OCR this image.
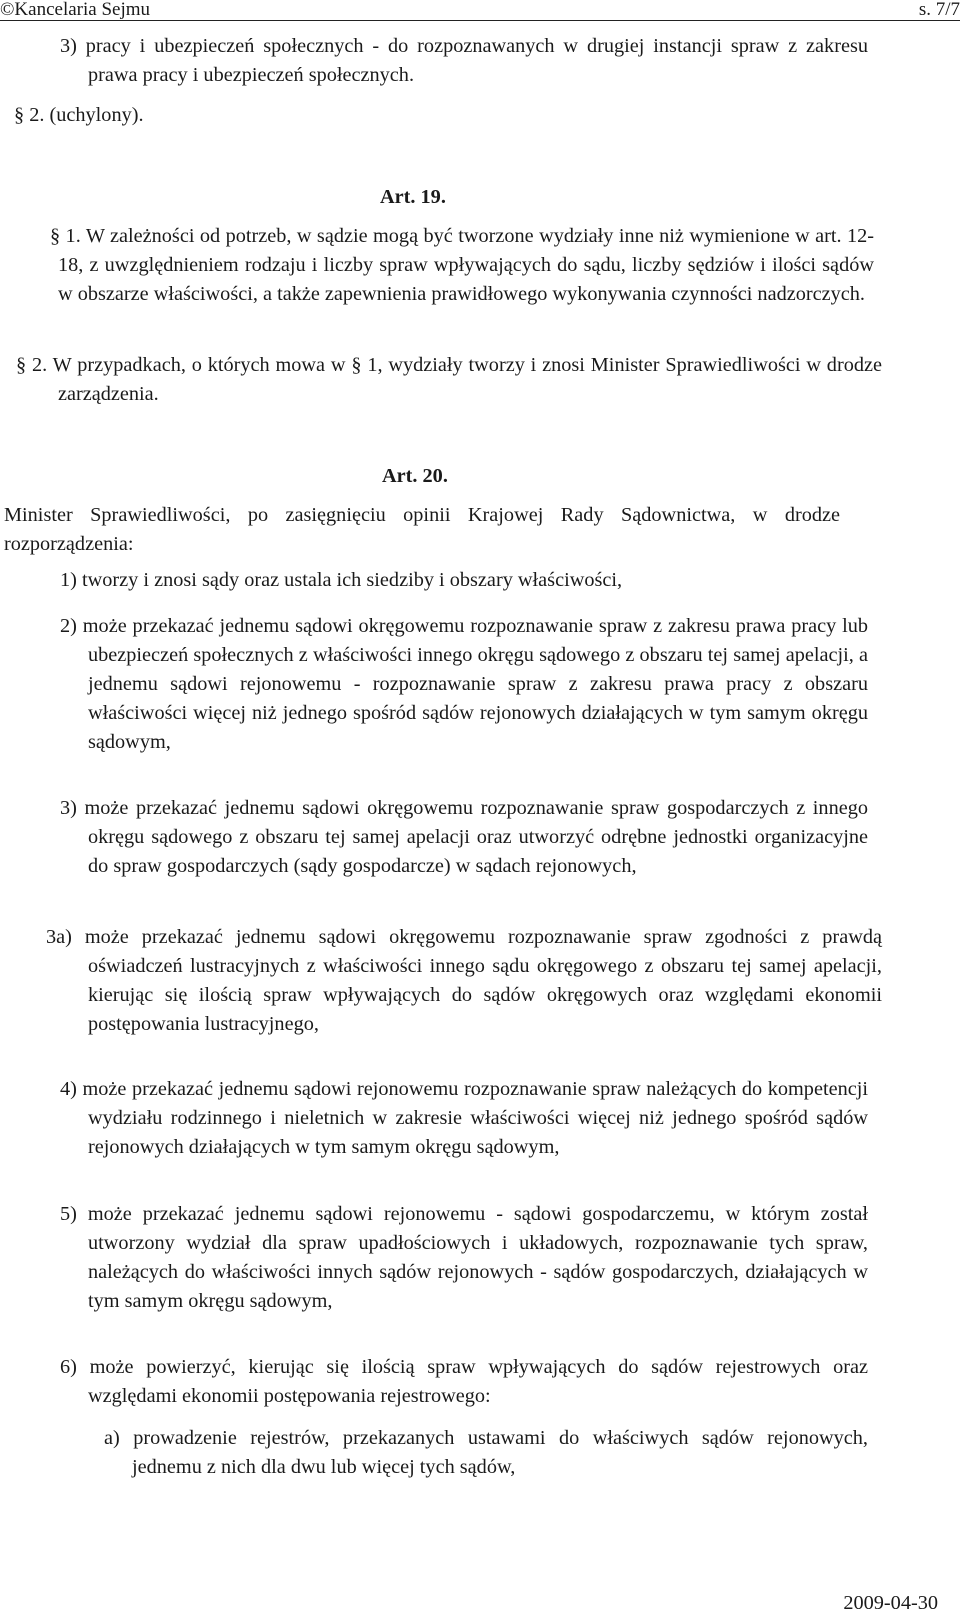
©Kancelaria Sejmu	s. 7/7
3) pracy i ubezpieczeń społecznych - do rozpoznawanych w drugiej instancji spraw z zakresu prawa pracy i ubezpieczeń społecznych.
§ 2. (uchylony).
Art. 19.
§ 1. W zależności od potrzeb, w sądzie mogą być tworzone wydziały inne niż wymienione w art. 12-18, z uwzględnieniem rodzaju i liczby spraw wpływających do sądu, liczby sędziów i ilości sądów w obszarze właściwości, a także zapewnienia prawidłowego wykonywania czynności nadzorczych.

§ 2. W przypadkach, o których mowa w § 1, wydziały tworzy i znosi Minister Sprawiedliwości w drodze zarządzenia.

Art. 20.
Minister Sprawiedliwości, po zasięgnięciu opinii Krajowej Rady Sądownictwa, w drodze rozporządzenia:

1) tworzy i znosi sądy oraz ustala ich siedziby i obszary właściwości,

2) może przekazać jednemu sądowi okręgowemu rozpoznawanie spraw z zakresu prawa pracy lub ubezpieczeń społecznych z właściwości innego okręgu sądowego z obszaru tej samej apelacji, a jednemu sądowi rejonowemu - rozpoznawanie spraw z zakresu prawa pracy z obszaru właściwości więcej niż jednego spośród sądów rejonowych działających w tym samym okręgu sądowym,
3) może przekazać jednemu sądowi okręgowemu rozpoznawanie spraw gospodarczych z innego okręgu sądowego z obszaru tej samej apelacji oraz utworzyć odrębne jednostki organizacyjne do spraw gospodarczych (sądy gospodarcze) w sądach rejonowych,
3a) może przekazać jednemu sądowi okręgowemu rozpoznawanie spraw zgodności z prawdą oświadczeń lustracyjnych z właściwości innego sądu okręgowego z obszaru tej samej apelacji, kierując się ilością spraw wpływających do sądów okręgowych oraz względami ekonomii postępowania lustracyjnego,
4) może przekazać jednemu sądowi rejonowemu rozpoznawanie spraw należących do kompetencji wydziału rodzinnego i nieletnich w zakresie właściwości więcej niż jednego spośród sądów rejonowych działających w tym samym okręgu sądowym,
5) może przekazać jednemu sądowi rejonowemu - sądowi gospodarczemu, w którym został utworzony wydział dla spraw upadłościowych i układowych, rozpoznawanie tych spraw, należących do właściwości innych sądów rejonowych - sądów gospodarczych, działających w tym samym okręgu sądowym,
6) może powierzyć, kierując się ilością spraw wpływających do sądów rejestrowych oraz względami ekonomii postępowania rejestrowego:
a) prowadzenie rejestrów, przekazanych ustawami do właściwych sądów rejonowych, jednemu z nich dla dwu lub więcej tych sądów,
2009-04-30
